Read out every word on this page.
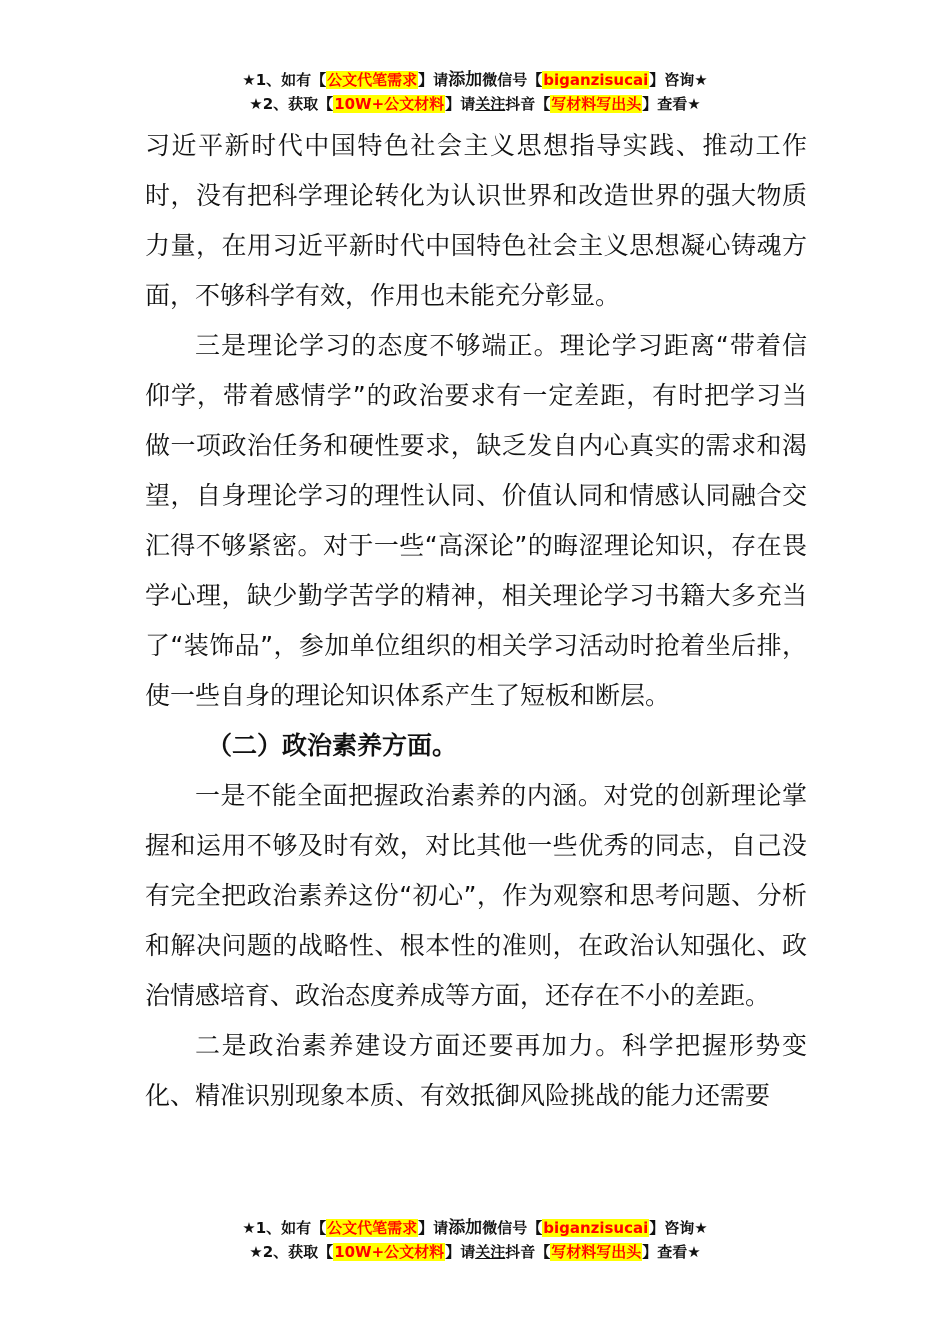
★1、如有【公文代笔需求】请添加微信号【biganzisucai】咨询★
★2、获取【10W+公文材料】请关注抖音【写材料写出头】查看★

习近平新时代中国特色社会主义思想指导实践、推动工作时，没有把科学理论转化为认识世界和改造世界的强大物质力量，在用习近平新时代中国特色社会主义思想凝心铸魂方面，不够科学有效，作用也未能充分彰显。

三是理论学习的态度不够端正。理论学习距离“带着信仰学，带着感情学”的政治要求有一定差距，有时把学习当做一项政治任务和硬性要求，缺乏发自内心真实的需求和渴望，自身理论学习的理性认同、价值认同和情感认同融合交汇得不够紧密。对于一些“高深论”的晦涩理论知识，存在畏学心理，缺少勤学苦学的精神，相关理论学习书籍大多充当了“装饰品”，参加单位组织的相关学习活动时抢着坐后排，使一些自身的理论知识体系产生了短板和断层。

（二）政治素养方面。

一是不能全面把握政治素养的内涵。对党的创新理论掌握和运用不够及时有效，对比其他一些优秀的同志，自己没有完全把政治素养这份“初心”，作为观察和思考问题、分析和解决问题的战略性、根本性的准则，在政治认知强化、政治情感培育、政治态度养成等方面，还存在不小的差距。

二是政治素养建设方面还要再加力。科学把握形势变化、精准识别现象本质、有效抵御风险挑战的能力还需要

★1、如有【公文代笔需求】请添加微信号【biganzisucai】咨询★
★2、获取【10W+公文材料】请关注抖音【写材料写出头】查看★
